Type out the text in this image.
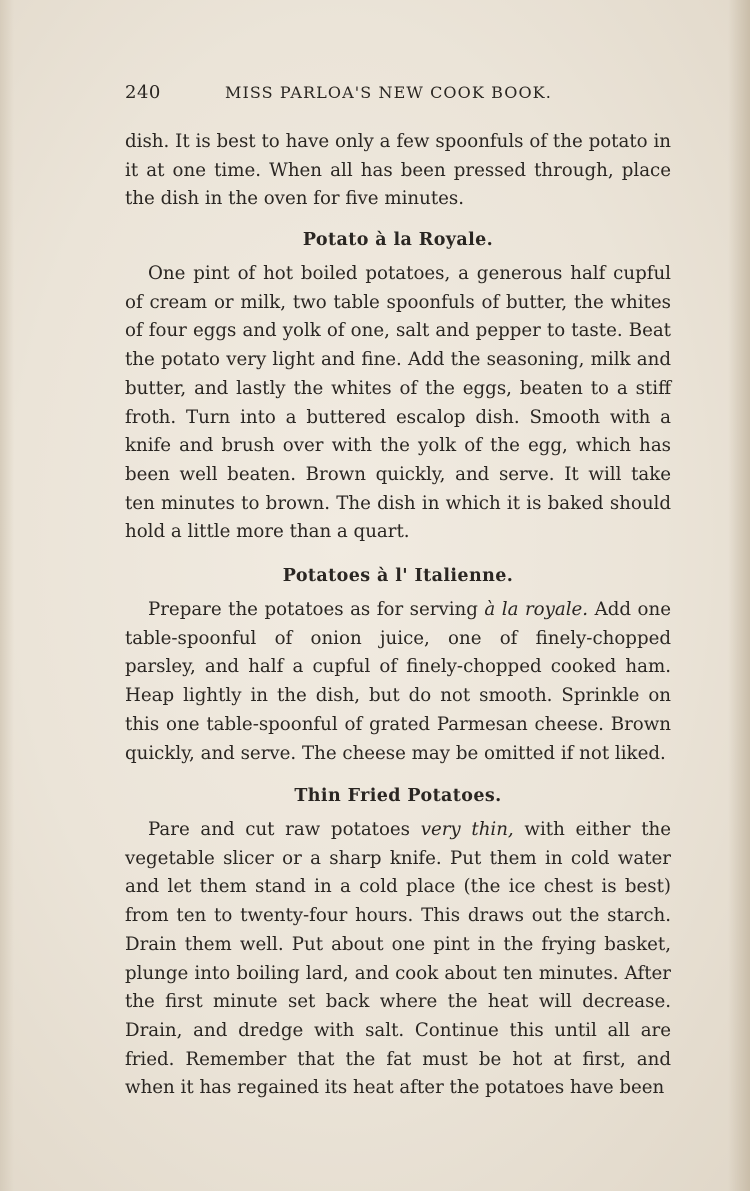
240	MISS PARLOA'S NEW COOK BOOK.

dish. It is best to have only a few spoonfuls of the potato in it at one time. When all has been pressed through, place the dish in the oven for five minutes.

Potato à la Royale.

One pint of hot boiled potatoes, a generous half cupful of cream or milk, two table spoonfuls of butter, the whites of four eggs and yolk of one, salt and pepper to taste. Beat the potato very light and fine. Add the seasoning, milk and butter, and lastly the whites of the eggs, beaten to a stiff froth. Turn into a buttered escalop dish. Smooth with a knife and brush over with the yolk of the egg, which has been well beaten. Brown quickly, and serve. It will take ten minutes to brown. The dish in which it is baked should hold a little more than a quart.

Potatoes à l' Italienne.

Prepare the potatoes as for serving à la royale. Add one table-spoonful of onion juice, one of finely-chopped parsley, and half a cupful of finely-chopped cooked ham. Heap lightly in the dish, but do not smooth. Sprinkle on this one table-spoonful of grated Parmesan cheese. Brown quickly, and serve. The cheese may be omitted if not liked.

Thin Fried Potatoes.

Pare and cut raw potatoes very thin, with either the vegetable slicer or a sharp knife. Put them in cold water and let them stand in a cold place (the ice chest is best) from ten to twenty-four hours. This draws out the starch. Drain them well. Put about one pint in the frying basket, plunge into boiling lard, and cook about ten minutes. After the first minute set back where the heat will decrease. Drain, and dredge with salt. Continue this until all are fried. Remember that the fat must be hot at first, and when it has regained its heat after the potatoes have been
